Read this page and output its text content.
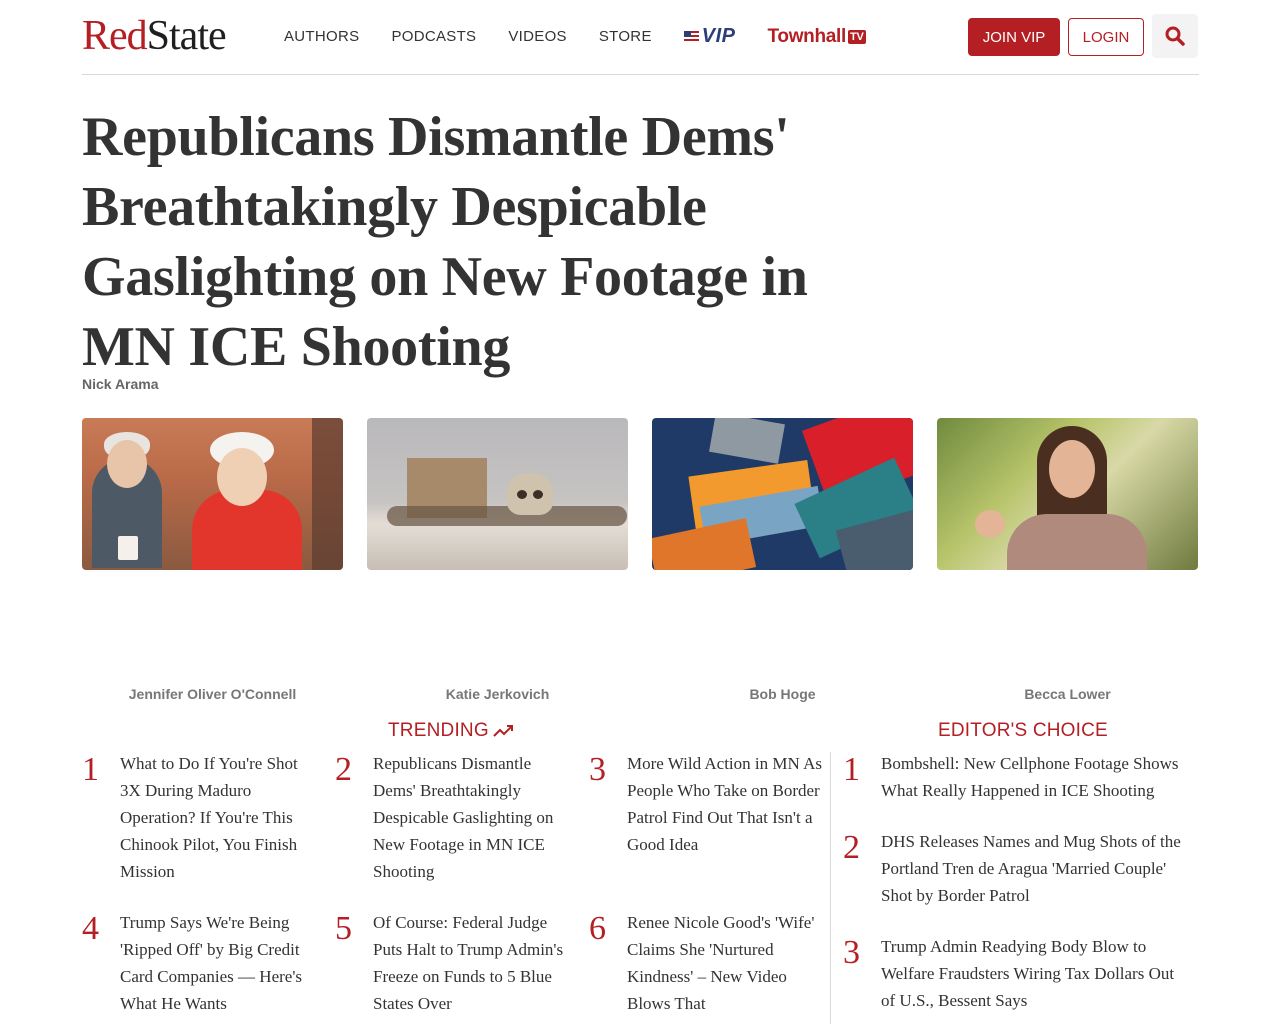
RedState	AUTHORS PODCASTS VIDEOS STORE	VIP Townhall TV	JOIN VIP	LOGIN
Republicans Dismantle Dems' Breathtakingly Despicable Gaslighting on New Footage in MN ICE Shooting
Nick Arama
Jennifer Oliver O'Connell	Katie Jerkovich	Bob Hoge	Becca Lower
TRENDING
1 What to Do If You're Shot 3X During Maduro Operation? If You're This Chinook Pilot, You Finish Mission
2 Republicans Dismantle Dems' Breathtakingly Despicable Gaslighting on New Footage in MN ICE Shooting
3 More Wild Action in MN As People Who Take on Border Patrol Find Out That Isn't a Good Idea
4 Trump Says We're Being 'Ripped Off' by Big Credit Card Companies — Here's What He Wants
5 Of Course: Federal Judge Puts Halt to Trump Admin's Freeze on Funds to 5 Blue States Over
6 Renee Nicole Good's 'Wife' Claims She 'Nurtured Kindness' – New Video Blows That
EDITOR'S CHOICE
1 Bombshell: New Cellphone Footage Shows What Really Happened in ICE Shooting
2 DHS Releases Names and Mug Shots of the Portland Tren de Aragua 'Married Couple' Shot by Border Patrol
3 Trump Admin Readying Body Blow to Welfare Fraudsters Wiring Tax Dollars Out of U.S., Bessent Says
